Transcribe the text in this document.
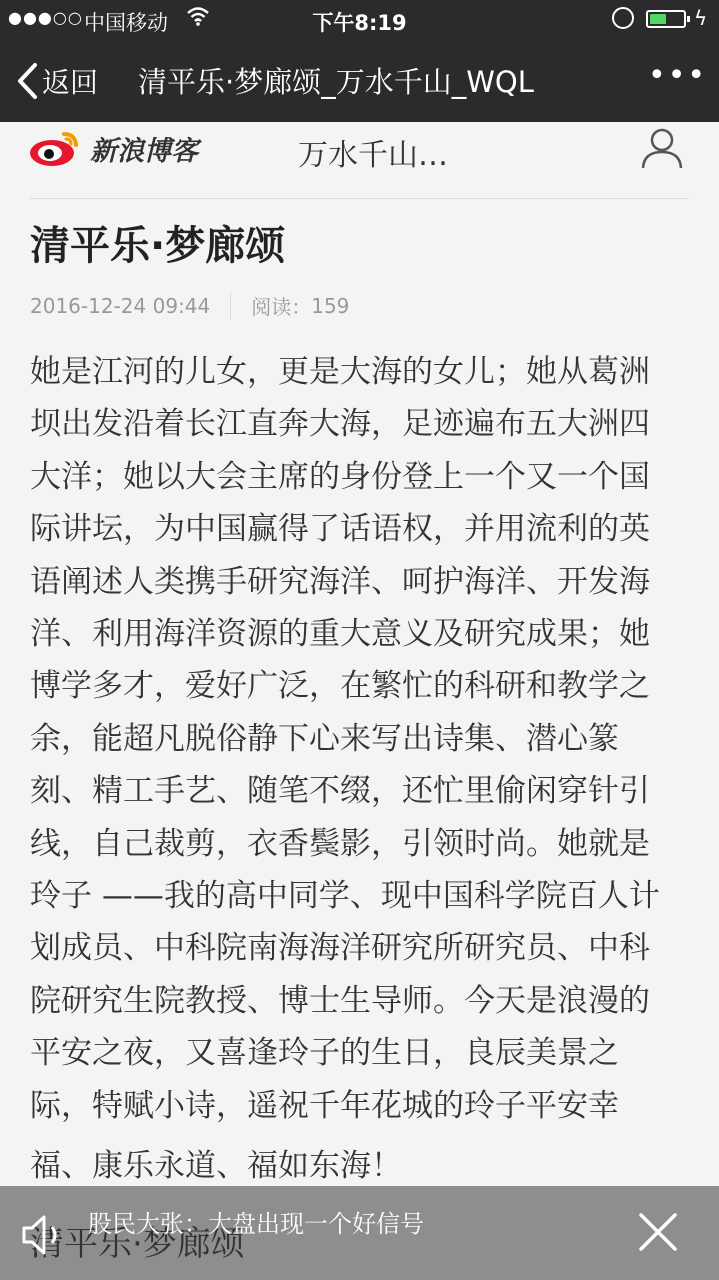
●●●○○ 中国移动	下午8:19	ϟ
返回 清平乐·梦廊颂_万水千山_WQL	•••
新浪博客	万水千山…
清平乐·梦廊颂
2016-12-24 09:44 阅读： 159
她是江河的儿女，更是大海的女儿；她从葛洲
坝出发沿着长江直奔大海，足迹遍布五大洲四
大洋；她以大会主席的身份登上一个又一个国
际讲坛，为中国赢得了话语权，并用流利的英
语阐述人类携手研究海洋、呵护海洋、开发海
洋、利用海洋资源的重大意义及研究成果；她
博学多才，爱好广泛，在繁忙的科研和教学之
余，能超凡脱俗静下心来写出诗集、潜心篆
刻、精工手艺、随笔不缀，还忙里偷闲穿针引
线，自己裁剪，衣香鬓影，引领时尚。她就是
玲子 ——我的高中同学、现中国科学院百人计
划成员、中科院南海海洋研究所研究员、中科
院研究生院教授、博士生导师。今天是浪漫的
平安之夜，又喜逢玲子的生日，良辰美景之
际，特赋小诗，遥祝千年花城的玲子平安幸
福、康乐永道、福如东海！
清平乐·梦廊颂
股民大张：大盘出现一个好信号
